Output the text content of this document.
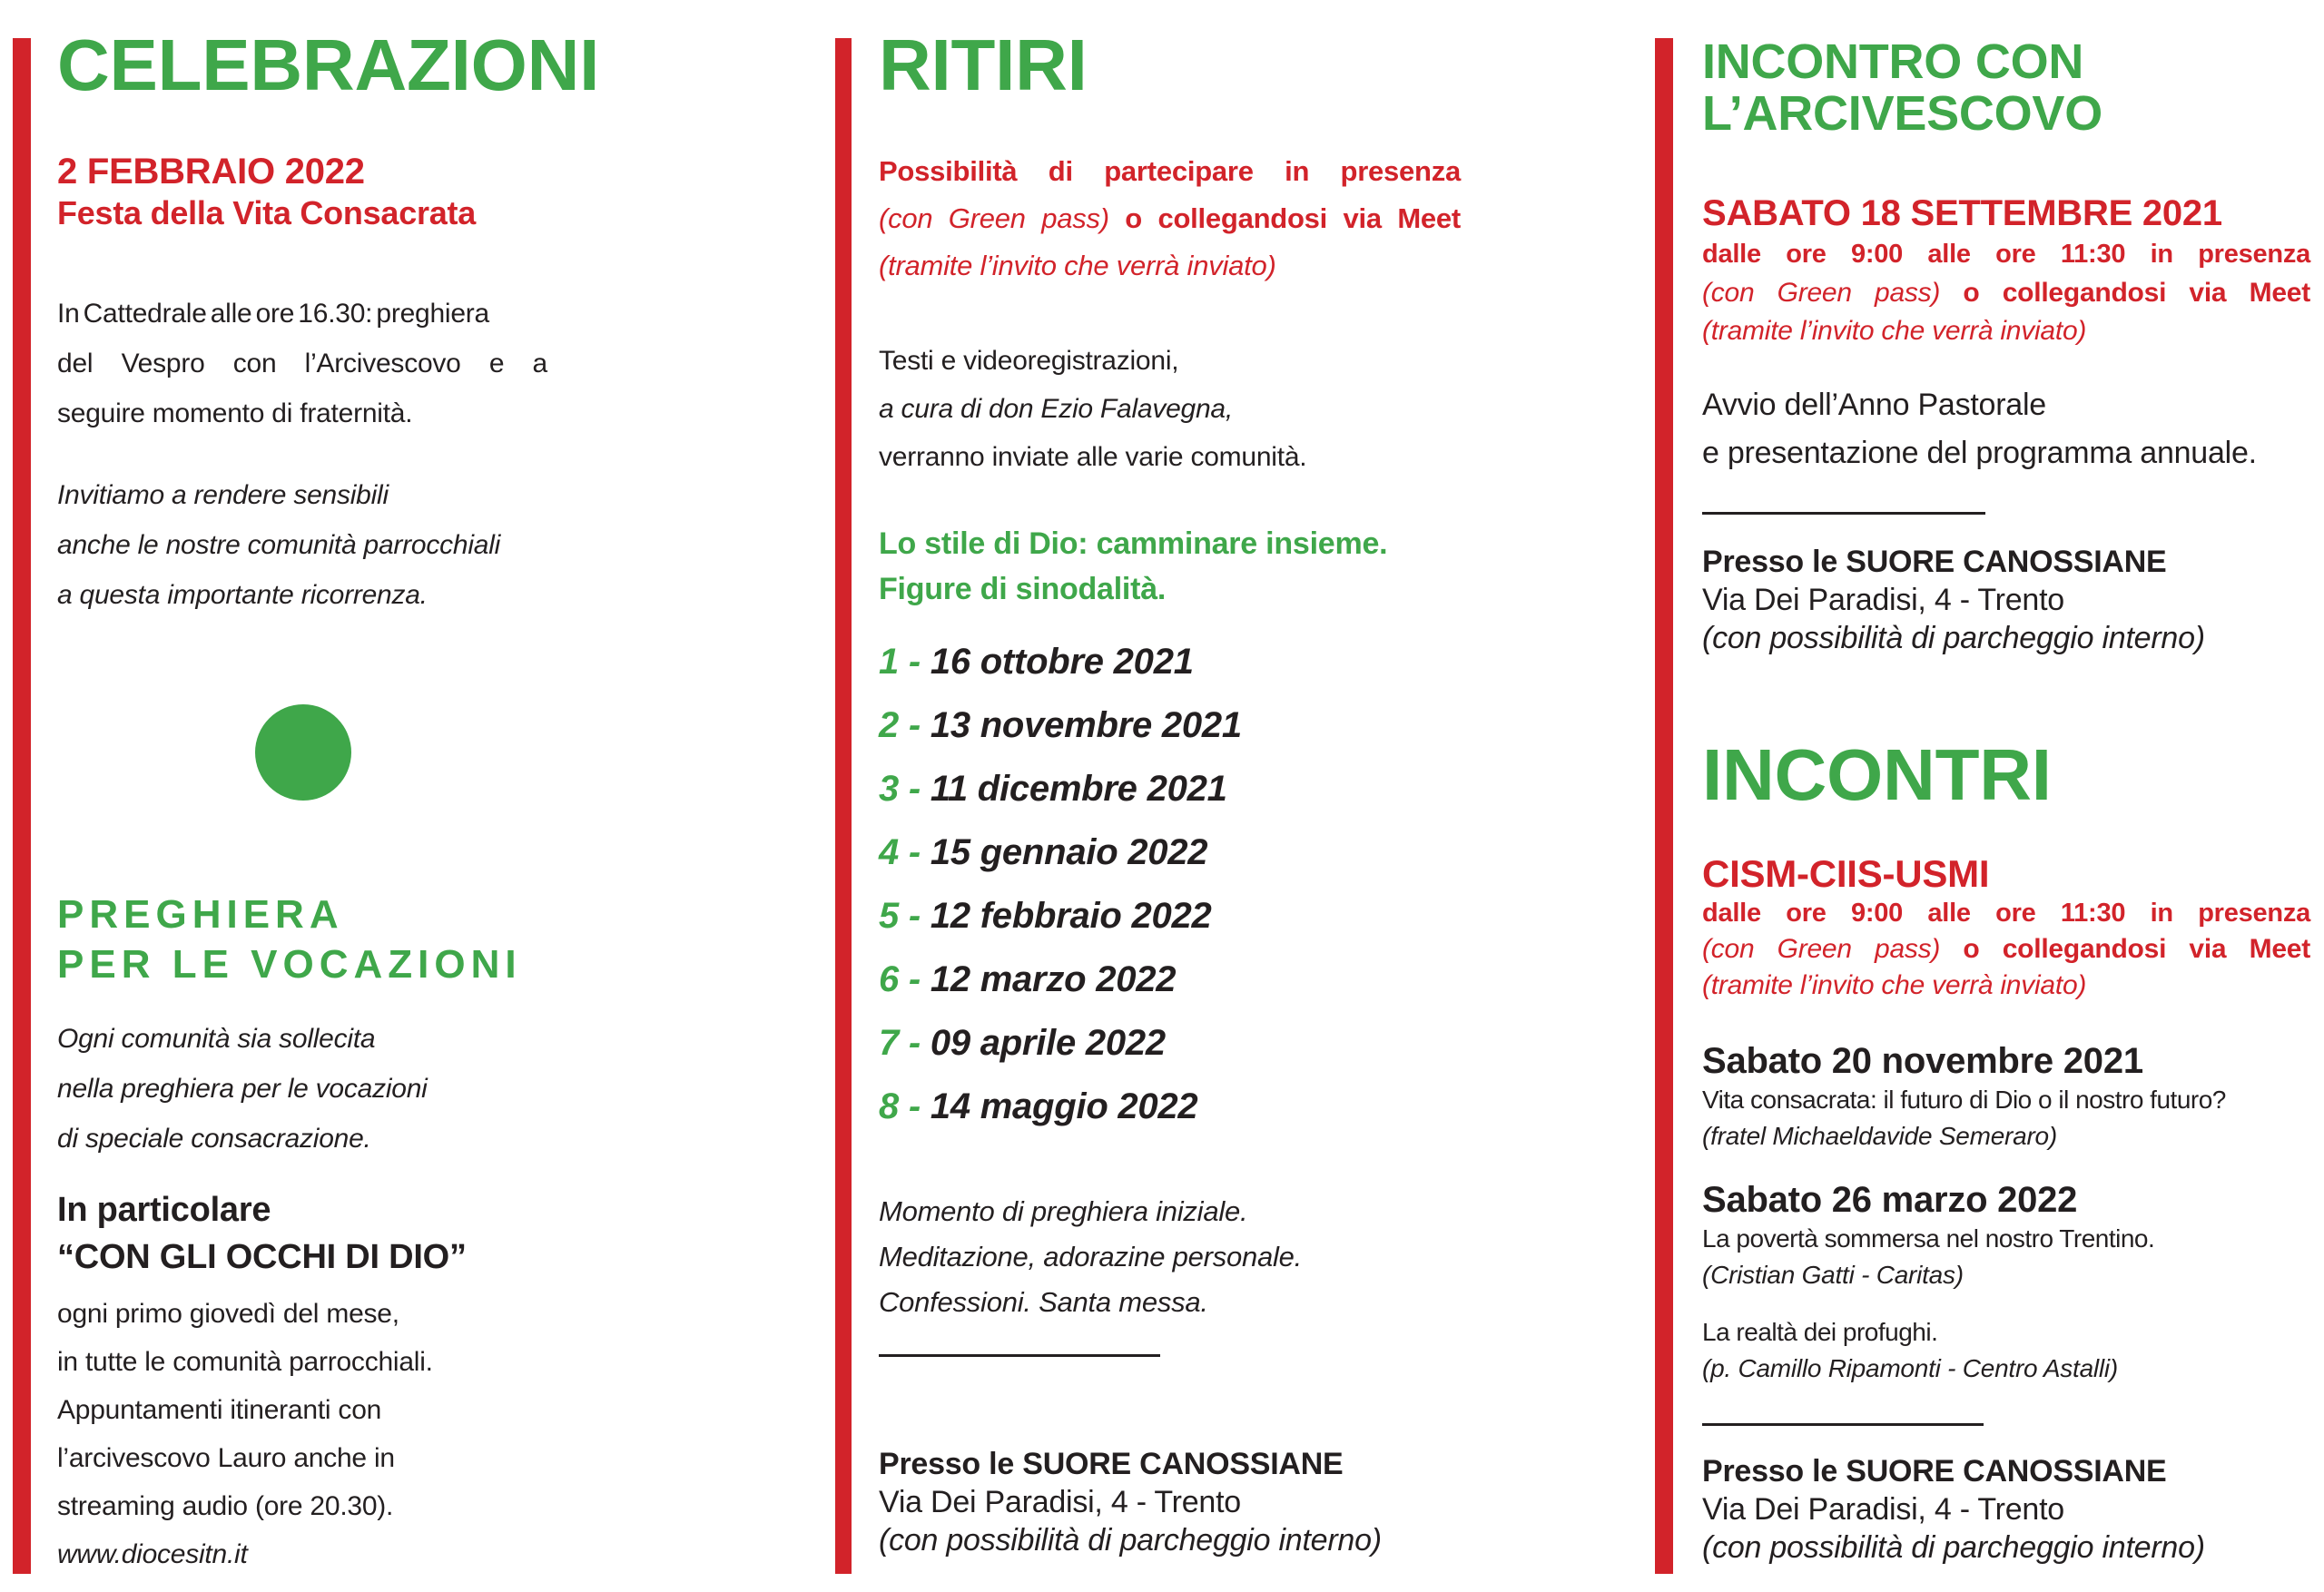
CELEBRAZIONI
2 FEBBRAIO 2022
Festa della Vita Consacrata
In Cattedrale alle ore 16.30: preghiera
del Vespro con l’Arcivescovo e a
seguire momento di fraternità.
Invitiamo a rendere sensibili
anche le nostre comunità parrocchiali
a questa importante ricorrenza.
PREGHIERA
PER LE VOCAZIONI
Ogni comunità sia sollecita
nella preghiera per le vocazioni
di speciale consacrazione.
In particolare
“CON GLI OCCHI DI DIO”
ogni primo giovedì del mese,
in tutte le comunità parrocchiali.
Appuntamenti itineranti con
l’arcivescovo Lauro anche in
streaming audio (ore 20.30).
www.diocesitn.it
RITIRI
Possibilità di partecipare in presenza
(con Green pass) o collegandosi via Meet
(tramite l’invito che verrà inviato)
Testi e videoregistrazioni,
a cura di don Ezio Falavegna,
verranno inviate alle varie comunità.
Lo stile di Dio: camminare insieme.
Figure di sinodalità.
1 - 16 ottobre 2021
2 - 13 novembre 2021
3 - 11 dicembre 2021
4 - 15 gennaio 2022
5 - 12 febbraio 2022
6 - 12 marzo 2022
7 - 09 aprile 2022
8 - 14 maggio 2022
Momento di preghiera iniziale.
Meditazione, adorazine personale.
Confessioni. Santa messa.
Presso le SUORE CANOSSIANE
Via Dei Paradisi, 4 - Trento
(con possibilità di parcheggio interno)
INCONTRO CON
L’ARCIVESCOVO
SABATO 18 SETTEMBRE 2021
dalle ore 9:00 alle ore 11:30 in presenza
(con Green pass) o collegandosi via Meet
(tramite l’invito che verrà inviato)
Avvio dell’Anno Pastorale
e presentazione del programma annuale.
Presso le SUORE CANOSSIANE
Via Dei Paradisi, 4 - Trento
(con possibilità di parcheggio interno)
INCONTRI
CISM-CIIS-USMI
dalle ore 9:00 alle ore 11:30 in presenza
(con Green pass) o collegandosi via Meet
(tramite l’invito che verrà inviato)
Sabato 20 novembre 2021
Vita consacrata: il futuro di Dio o il nostro futuro?
(fratel Michaeldavide Semeraro)
Sabato 26 marzo 2022
La povertà sommersa nel nostro Trentino.
(Cristian Gatti - Caritas)
La realtà dei profughi.
(p. Camillo Ripamonti - Centro Astalli)
Presso le SUORE CANOSSIANE
Via Dei Paradisi, 4 - Trento
(con possibilità di parcheggio interno)
